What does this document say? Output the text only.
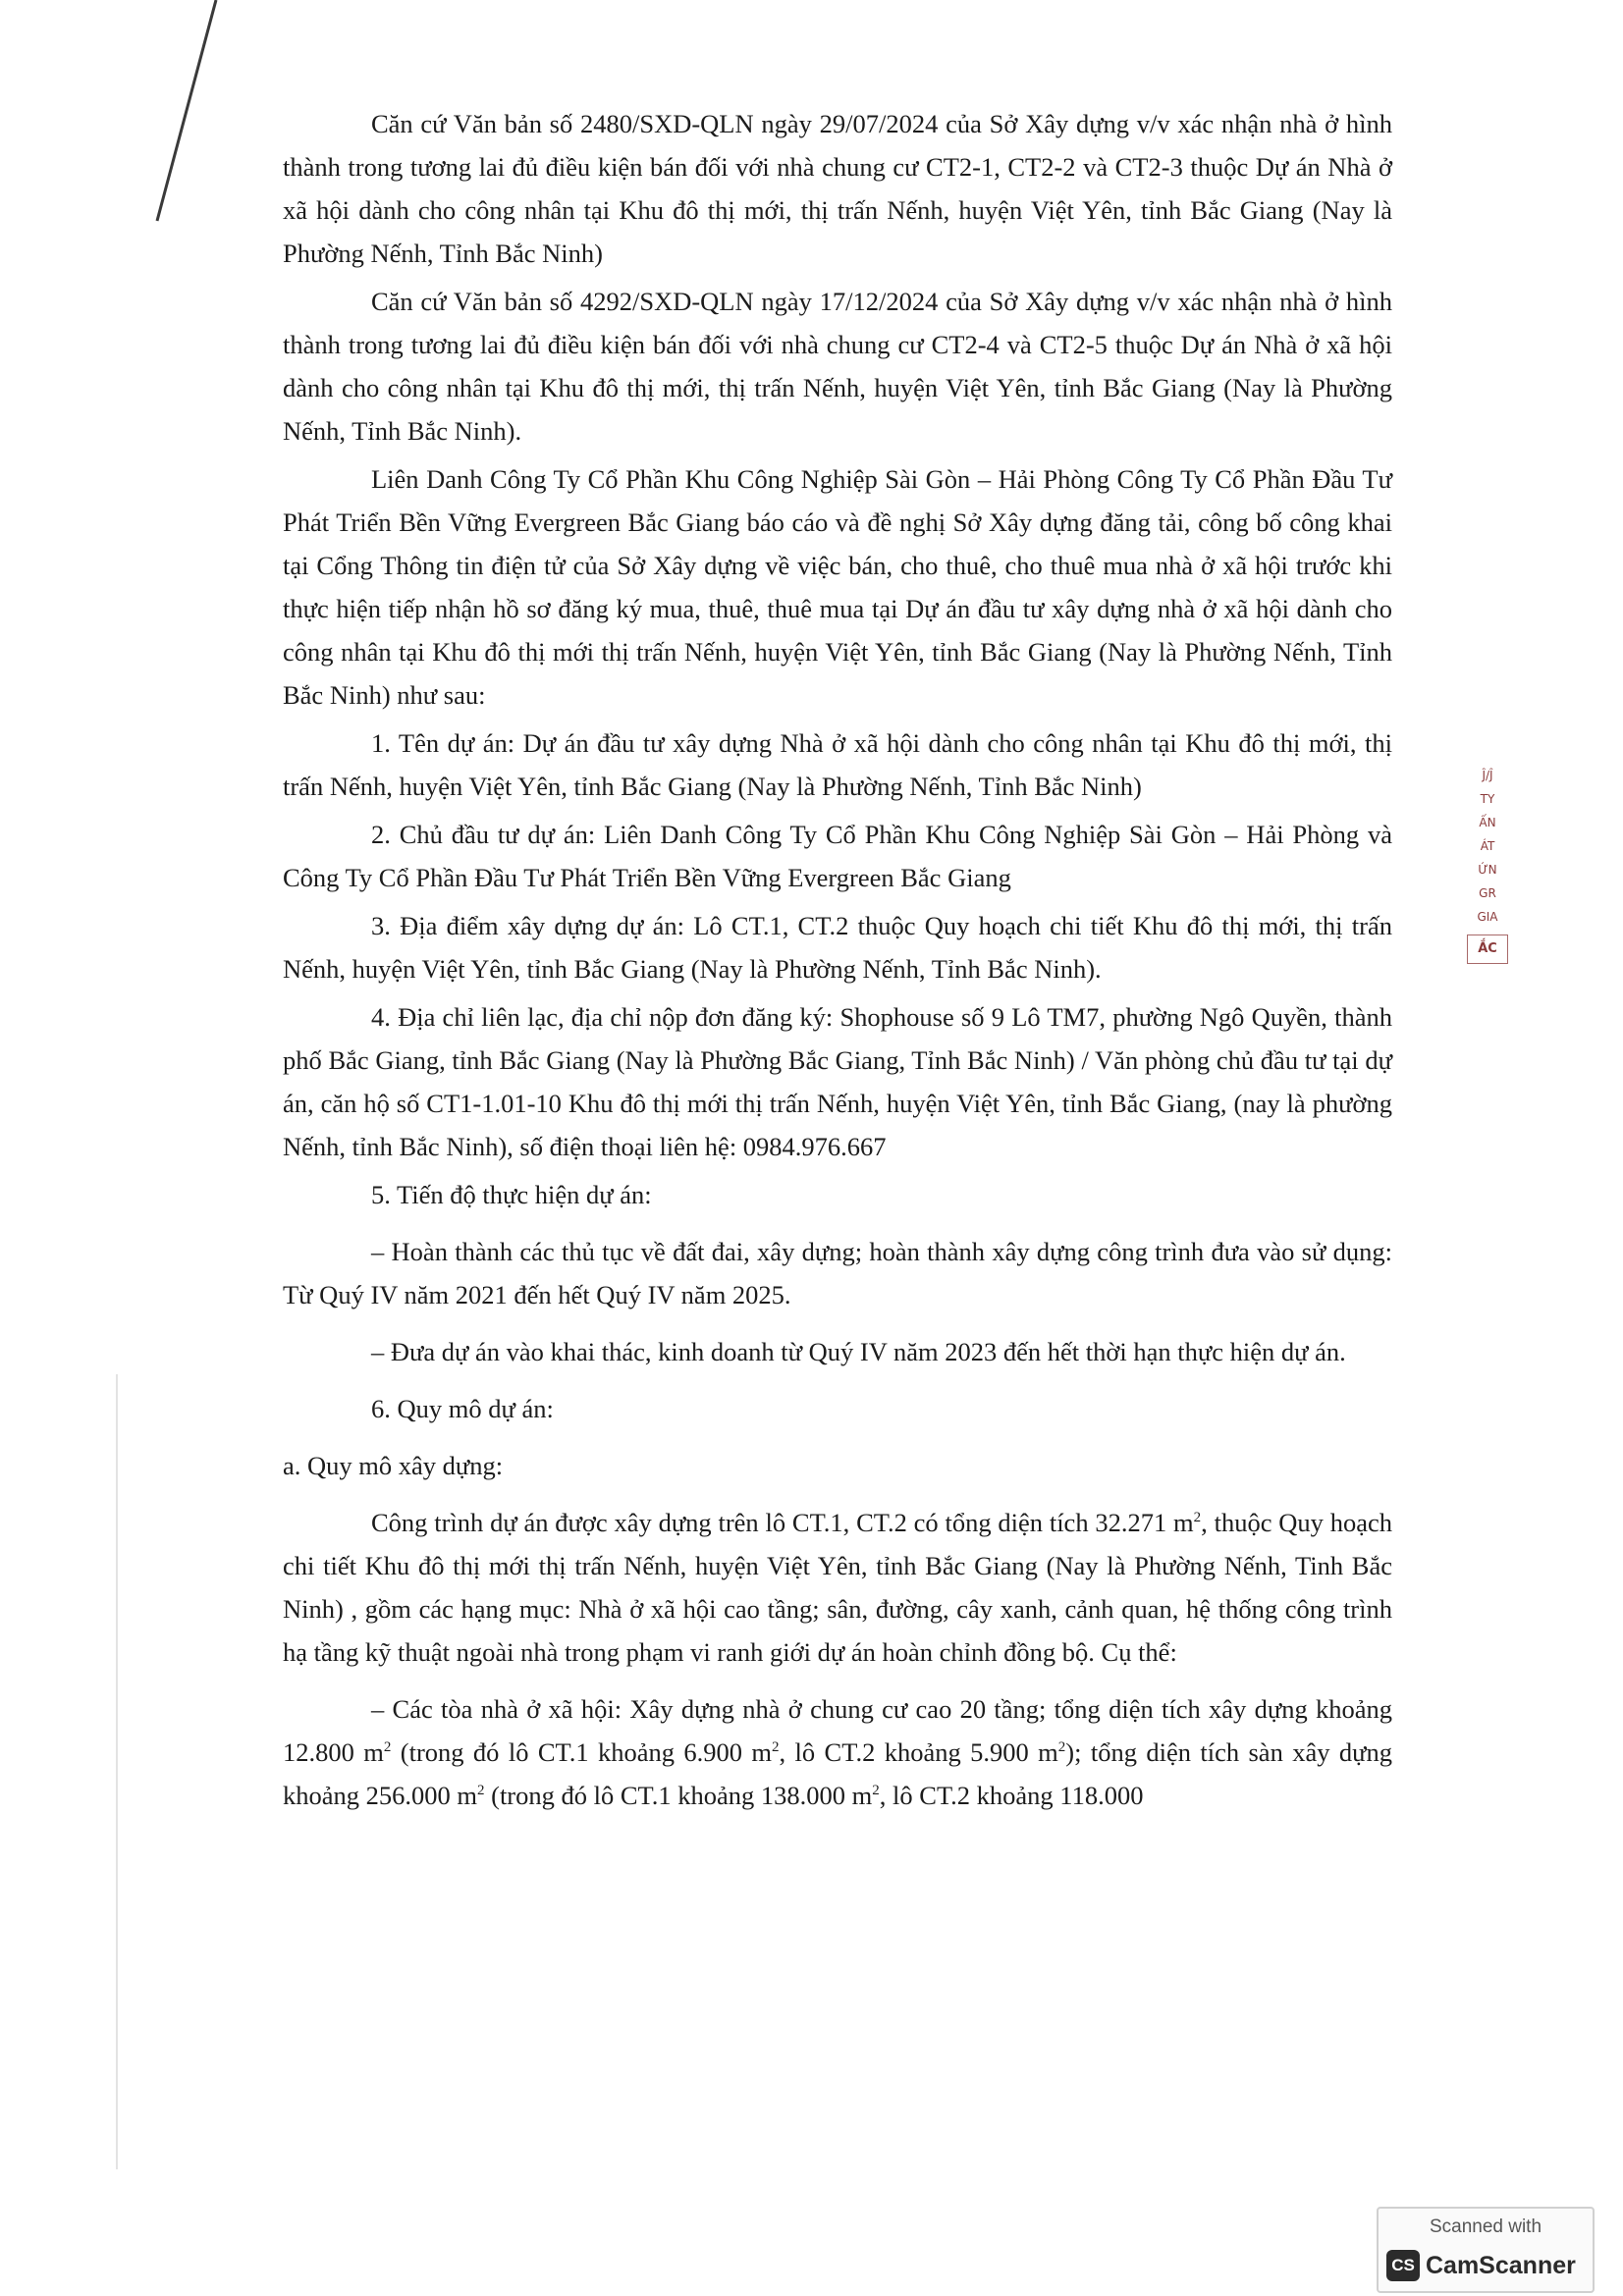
Căn cứ Văn bản số 2480/SXD-QLN ngày 29/07/2024 của Sở Xây dựng v/v xác nhận nhà ở hình thành trong tương lai đủ điều kiện bán đối với nhà chung cư CT2-1, CT2-2 và CT2-3 thuộc Dự án Nhà ở xã hội dành cho công nhân tại Khu đô thị mới, thị trấn Nếnh, huyện Việt Yên, tỉnh Bắc Giang (Nay là Phường Nếnh, Tỉnh Bắc Ninh)

Căn cứ Văn bản số 4292/SXD-QLN ngày 17/12/2024 của Sở Xây dựng v/v xác nhận nhà ở hình thành trong tương lai đủ điều kiện bán đối với nhà chung cư CT2-4 và CT2-5 thuộc Dự án Nhà ở xã hội dành cho công nhân tại Khu đô thị mới, thị trấn Nếnh, huyện Việt Yên, tỉnh Bắc Giang (Nay là Phường Nếnh, Tỉnh Bắc Ninh).

Liên Danh Công Ty Cổ Phần Khu Công Nghiệp Sài Gòn – Hải Phòng Công Ty Cổ Phần Đầu Tư Phát Triển Bền Vững Evergreen Bắc Giang báo cáo và đề nghị Sở Xây dựng đăng tải, công bố công khai tại Cổng Thông tin điện tử của Sở Xây dựng về việc bán, cho thuê, cho thuê mua nhà ở xã hội trước khi thực hiện tiếp nhận hồ sơ đăng ký mua, thuê, thuê mua tại Dự án đầu tư xây dựng nhà ở xã hội dành cho công nhân tại Khu đô thị mới thị trấn Nếnh, huyện Việt Yên, tỉnh Bắc Giang (Nay là Phường Nếnh, Tỉnh Bắc Ninh) như sau:

1. Tên dự án: Dự án đầu tư xây dựng Nhà ở xã hội dành cho công nhân tại Khu đô thị mới, thị trấn Nếnh, huyện Việt Yên, tỉnh Bắc Giang (Nay là Phường Nếnh, Tỉnh Bắc Ninh)

2. Chủ đầu tư dự án: Liên Danh Công Ty Cổ Phần Khu Công Nghiệp Sài Gòn – Hải Phòng và Công Ty Cổ Phần Đầu Tư Phát Triển Bền Vững Evergreen Bắc Giang

3. Địa điểm xây dựng dự án: Lô CT.1, CT.2 thuộc Quy hoạch chi tiết Khu đô thị mới, thị trấn Nếnh, huyện Việt Yên, tỉnh Bắc Giang (Nay là Phường Nếnh, Tỉnh Bắc Ninh).

4. Địa chỉ liên lạc, địa chỉ nộp đơn đăng ký: Shophouse số 9 Lô TM7, phường Ngô Quyền, thành phố Bắc Giang, tỉnh Bắc Giang (Nay là Phường Bắc Giang, Tỉnh Bắc Ninh) / Văn phòng chủ đầu tư tại dự án, căn hộ số CT1-1.01-10 Khu đô thị mới thị trấn Nếnh, huyện Việt Yên, tỉnh Bắc Giang, (nay là phường Nếnh, tỉnh Bắc Ninh), số điện thoại liên hệ: 0984.976.667

5. Tiến độ thực hiện dự án:

– Hoàn thành các thủ tục về đất đai, xây dựng; hoàn thành xây dựng công trình đưa vào sử dụng: Từ Quý IV năm 2021 đến hết Quý IV năm 2025.

– Đưa dự án vào khai thác, kinh doanh từ Quý IV năm 2023 đến hết thời hạn thực hiện dự án.

6. Quy mô dự án:

a. Quy mô xây dựng:

Công trình dự án được xây dựng trên lô CT.1, CT.2 có tổng diện tích 32.271 $m^2$, thuộc Quy hoạch chi tiết Khu đô thị mới thị trấn Nếnh, huyện Việt Yên, tỉnh Bắc Giang (Nay là Phường Nếnh, Tinh Bắc Ninh) , gồm các hạng mục: Nhà ở xã hội cao tầng; sân, đường, cây xanh, cảnh quan, hệ thống công trình hạ tầng kỹ thuật ngoài nhà trong phạm vi ranh giới dự án hoàn chỉnh đồng bộ. Cụ thể:

– Các tòa nhà ở xã hội: Xây dựng nhà ở chung cư cao 20 tầng; tổng diện tích xây dựng khoảng 12.800 $m^2$ (trong đó lô CT.1 khoảng 6.900 $m^2$, lô CT.2 khoảng 5.900 $m^2$); tổng diện tích sàn xây dựng khoảng 256.000 $m^2$ (trong đó lô CT.1 khoảng 138.000 $m^2$, lô CT.2 khoảng 118.000

Ĵ/Ĵ
TY
ẤN
ÁT
ỨN
GR
GIA
ẮC
Scanned with
CS CamScanner
